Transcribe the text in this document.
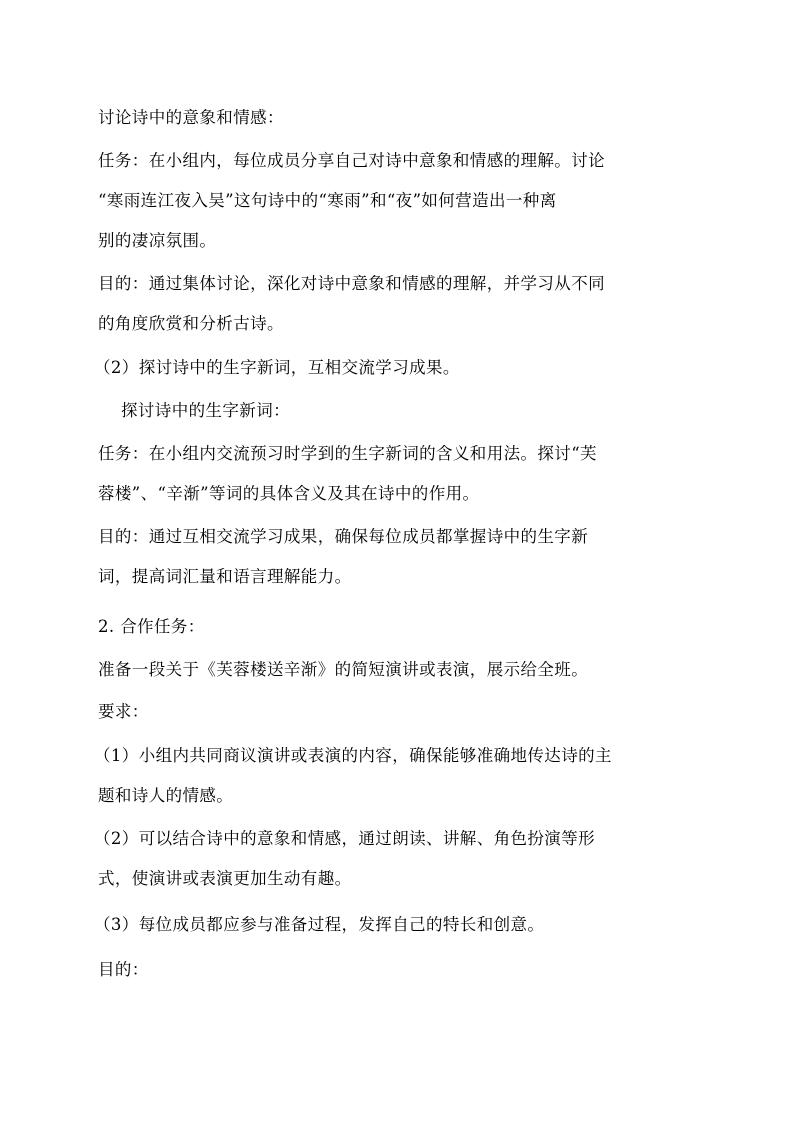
讨论诗中的意象和情感：
任务：在小组内，每位成员分享自己对诗中意象和情感的理解。讨论
“寒雨连江夜入吴”这句诗中的“寒雨”和“夜”如何营造出一种离
别的凄凉氛围。
目的：通过集体讨论，深化对诗中意象和情感的理解，并学习从不同
的角度欣赏和分析古诗。
（2）探讨诗中的生字新词，互相交流学习成果。
探讨诗中的生字新词：
任务：在小组内交流预习时学到的生字新词的含义和用法。探讨“芙
蓉楼”、“辛渐”等词的具体含义及其在诗中的作用。
目的：通过互相交流学习成果，确保每位成员都掌握诗中的生字新
词，提高词汇量和语言理解能力。
2. 合作任务：
准备一段关于《芙蓉楼送辛渐》的简短演讲或表演，展示给全班。
要求：
（1）小组内共同商议演讲或表演的内容，确保能够准确地传达诗的主
题和诗人的情感。
（2）可以结合诗中的意象和情感，通过朗读、讲解、角色扮演等形
式，使演讲或表演更加生动有趣。
（3）每位成员都应参与准备过程，发挥自己的特长和创意。
目的：
